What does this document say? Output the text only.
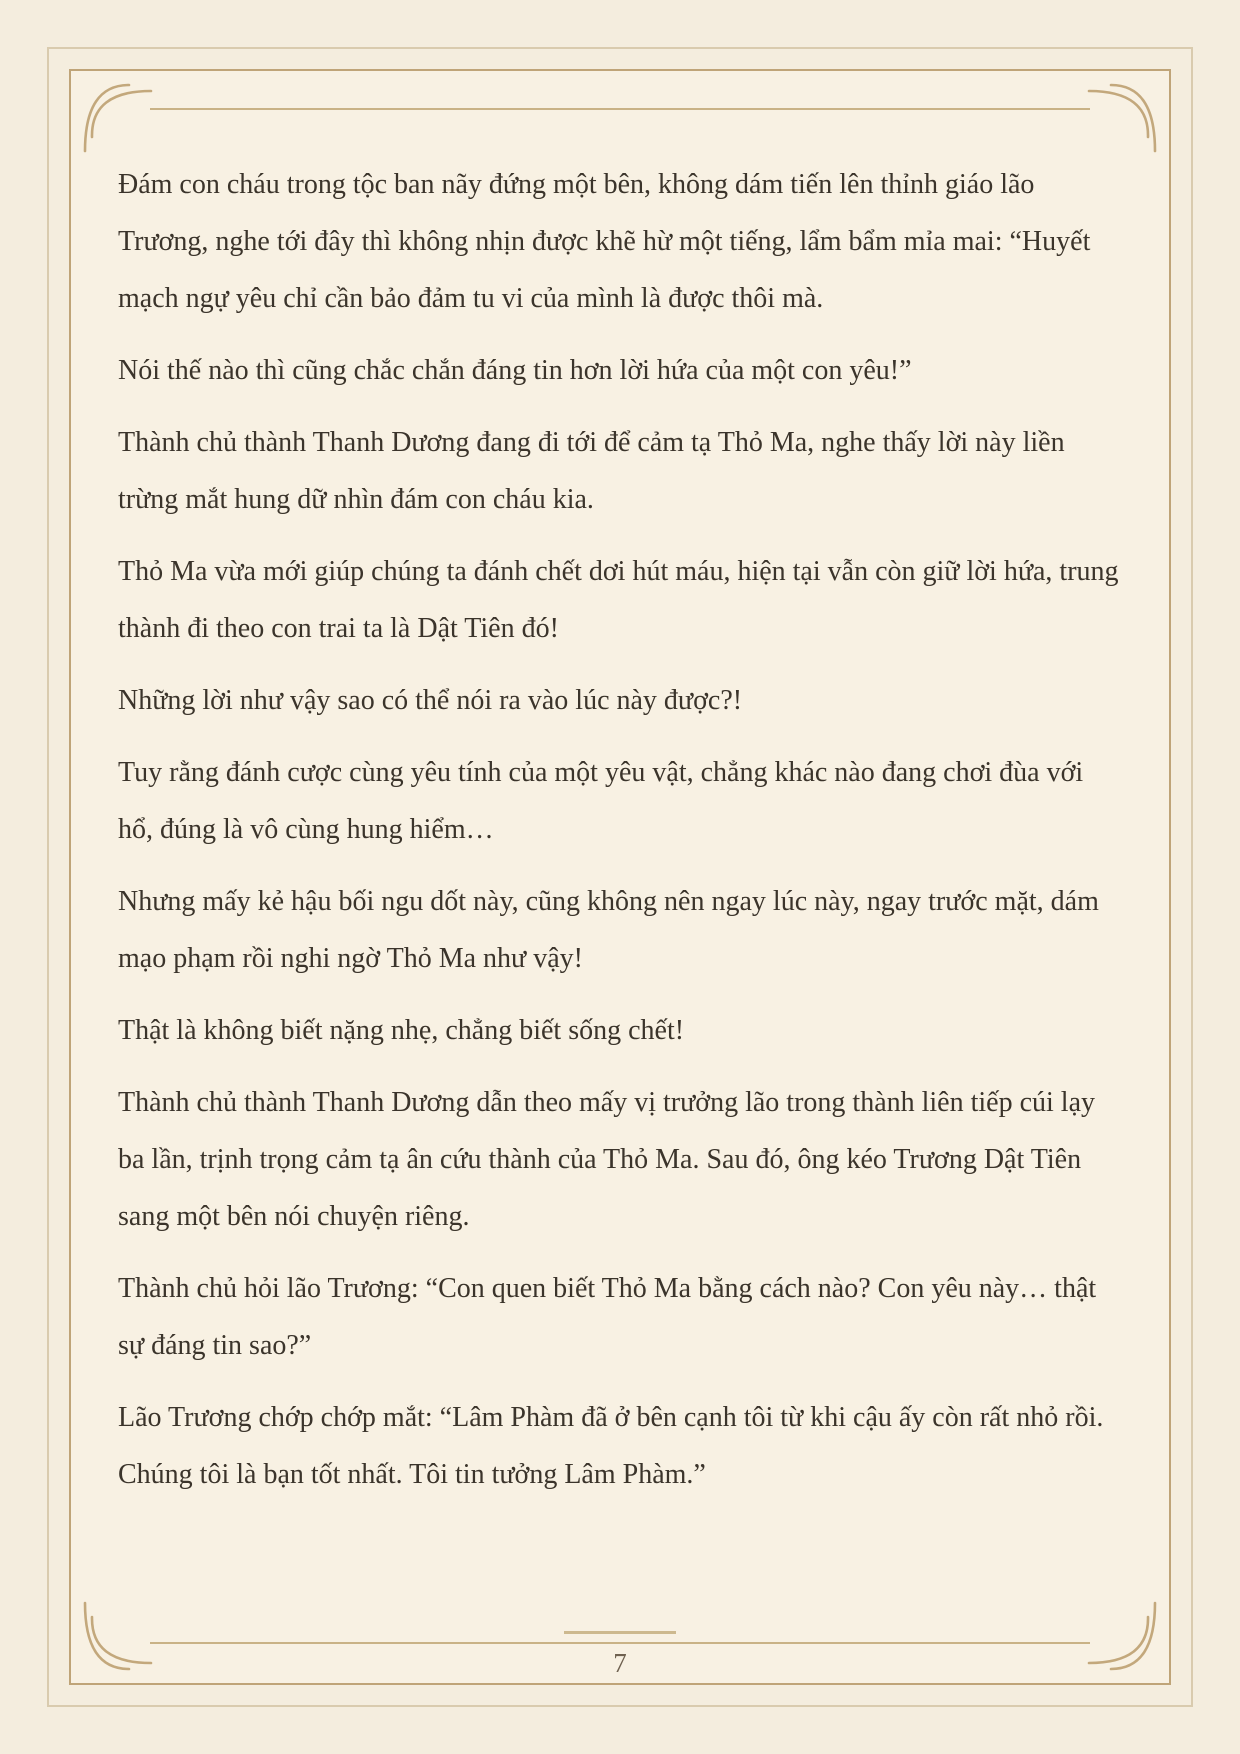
Đám con cháu trong tộc ban nãy đứng một bên, không dám tiến lên thỉnh giáo lão Trương, nghe tới đây thì không nhịn được khẽ hừ một tiếng, lẩm bẩm mỉa mai: “Huyết mạch ngự yêu chỉ cần bảo đảm tu vi của mình là được thôi mà.

Nói thế nào thì cũng chắc chắn đáng tin hơn lời hứa của một con yêu!”

Thành chủ thành Thanh Dương đang đi tới để cảm tạ Thỏ Ma, nghe thấy lời này liền trừng mắt hung dữ nhìn đám con cháu kia.

Thỏ Ma vừa mới giúp chúng ta đánh chết dơi hút máu, hiện tại vẫn còn giữ lời hứa, trung thành đi theo con trai ta là Dật Tiên đó!

Những lời như vậy sao có thể nói ra vào lúc này được?!

Tuy rằng đánh cược cùng yêu tính của một yêu vật, chẳng khác nào đang chơi đùa với hổ, đúng là vô cùng hung hiểm…

Nhưng mấy kẻ hậu bối ngu dốt này, cũng không nên ngay lúc này, ngay trước mặt, dám mạo phạm rồi nghi ngờ Thỏ Ma như vậy!

Thật là không biết nặng nhẹ, chẳng biết sống chết!

Thành chủ thành Thanh Dương dẫn theo mấy vị trưởng lão trong thành liên tiếp cúi lạy ba lần, trịnh trọng cảm tạ ân cứu thành của Thỏ Ma. Sau đó, ông kéo Trương Dật Tiên sang một bên nói chuyện riêng.

Thành chủ hỏi lão Trương: “Con quen biết Thỏ Ma bằng cách nào? Con yêu này… thật sự đáng tin sao?”

Lão Trương chớp chớp mắt: “Lâm Phàm đã ở bên cạnh tôi từ khi cậu ấy còn rất nhỏ rồi. Chúng tôi là bạn tốt nhất. Tôi tin tưởng Lâm Phàm.”

7
